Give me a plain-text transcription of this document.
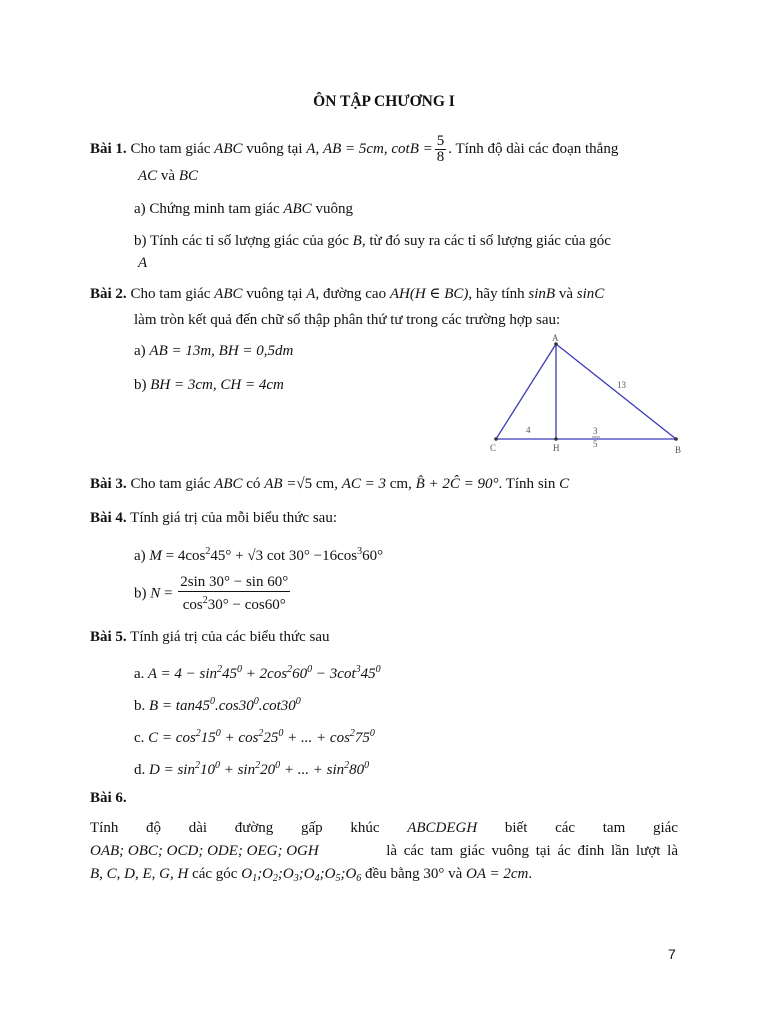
ÔN TẬP CHƯƠNG I
Bài 1. Cho tam giác ABC vuông tại A, AB = 5cm, $\cot B = \frac{5}{8}$ . Tính độ dài các đoạn thẳng
AC và BC
a) Chứng minh tam giác ABC vuông
b) Tính các tỉ số lượng giác của góc B, từ đó suy ra các tỉ số lượng giác của góc
A
Bài 2. Cho tam giác ABC vuông tại A, đường cao AH(H ∈ BC), hãy tính sinB và sinC
làm tròn kết quả đến chữ số thập phân thứ tư trong các trường hợp sau:
a) AB = 13m, BH = 0,5dm
b) BH = 3cm, CH = 4cm
A
B
C	H
13
4	3
5
Bài 3. Cho tam giác ABC có AB =√5 cm, AC = 3 cm, B̂ + 2Ĉ = 90°. Tính sin C
Bài 4. Tính giá trị của mỗi biểu thức sau:
a) $M = 4\cos^245^\circ + √3$ $\cot 30^\circ -16\cos^360^\circ$
b) $N = \frac{2\sin 30^\circ - \sin 60^\circ}{\cos^230^\circ - \cos 60^\circ}$
Bài 5. Tính giá trị của các biểu thức sau
a. $A = 4 - \sin^245^0 + 2\cos^260^0 - 3\cot^345^0$
b. $B = \tan 45^0.\cos 30^0.\cot 30^0$
c. $C = \cos^215^0 + \cos^225^0$ + ... + $\cos^275^0$
d. $D = \sin^210^0 + \sin^220^0$ + ... + $\sin^280^0$
Bài 6.
Tính độ dài đường gấp khúc ABCDEGH biết các tam giác
OAB; OBC; OCD; ODE; OEG; OGH	là các tam giác vuông tại ác đỉnh lần lượt là
B, C, D, E, G, H các góc $O_1;O_2;O_3;O_4;O_5;O_6$ đều bằng 30° và OA = 2cm.
7
